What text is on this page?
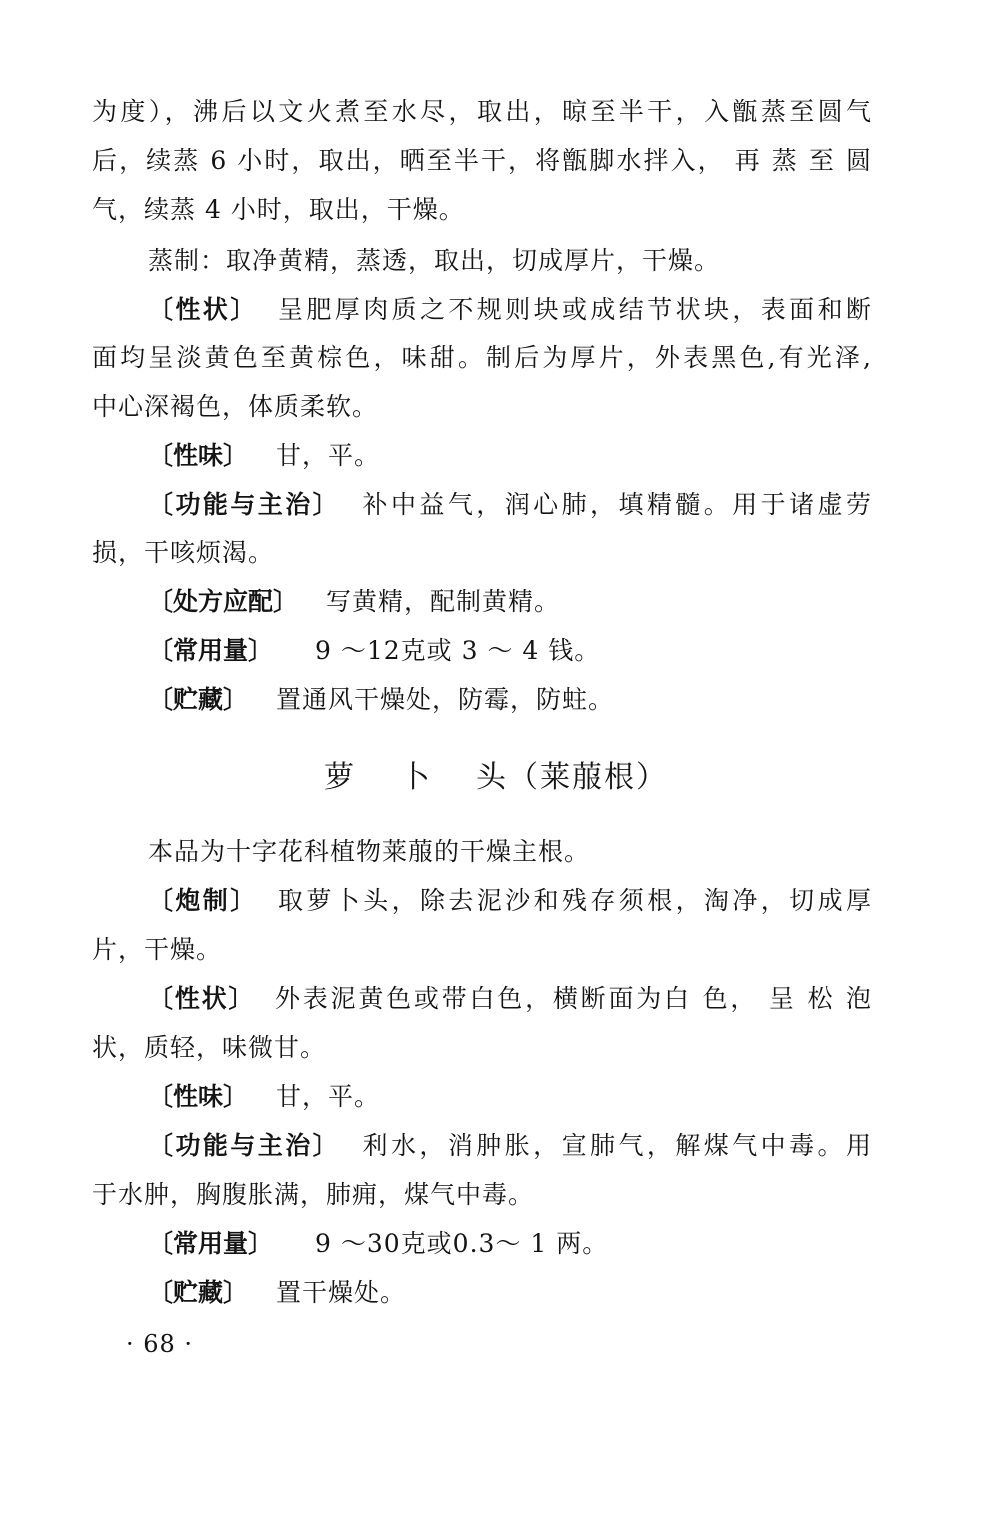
为度），沸后以文火煮至水尽，取出，晾至半干，入甑蒸至圆气
后，续蒸 6 小时，取出，晒至半干，将甑脚水拌入， 再 蒸 至 圆
气，续蒸 4 小时，取出，干燥。
蒸制：取净黄精，蒸透，取出，切成厚片，干燥。
〔性状〕 呈肥厚肉质之不规则块或成结节状块，表面和断
面均呈淡黄色至黄棕色，味甜。制后为厚片，外表黑色,有光泽,
中心深褐色，体质柔软。
〔性味〕 甘，平。
〔功能与主治〕 补中益气，润心肺，填精髓。用于诸虚劳
损，干咳烦渴。
〔处方应配〕 写黄精，配制黄精。
〔常用量〕 9 ～12克或 3 ～ 4 钱。
〔贮藏〕 置通风干燥处，防霉，防蛀。
萝 卜 头（莱菔根）
本品为十字花科植物莱菔的干燥主根。
〔炮制〕 取萝卜头，除去泥沙和残存须根，淘净，切成厚
片，干燥。
〔性状〕 外表泥黄色或带白色，横断面为白 色， 呈 松 泡
状，质轻，味微甘。
〔性味〕 甘，平。
〔功能与主治〕 利水，消肿胀，宣肺气，解煤气中毒。用
于水肿，胸腹胀满，肺痈，煤气中毒。
〔常用量〕 9 ～30克或0.3～ 1 两。
〔贮藏〕 置干燥处。
· 68 ·
